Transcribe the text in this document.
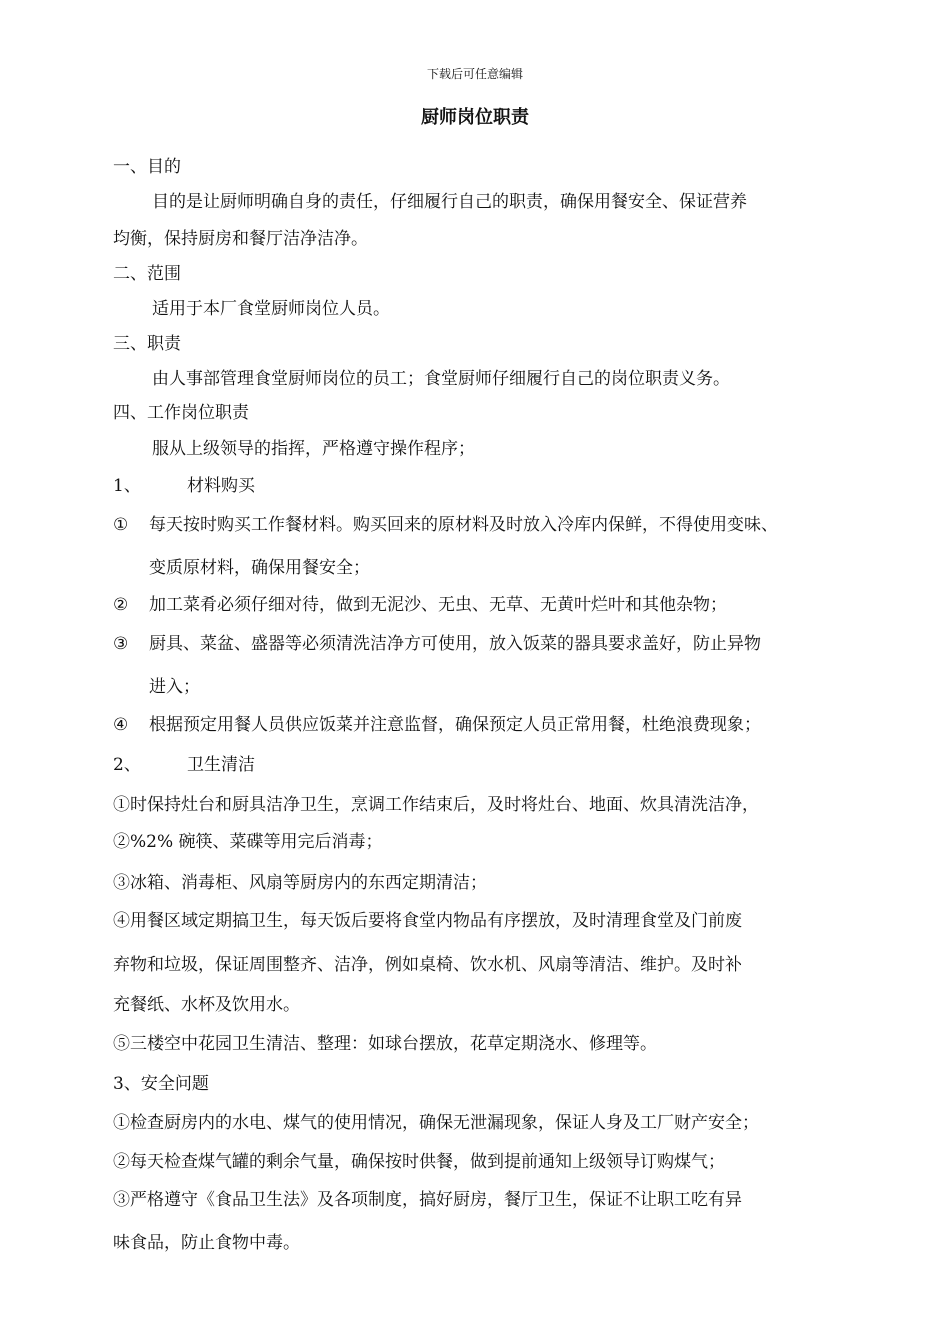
下载后可任意编辑
厨师岗位职责
一、目的
目的是让厨师明确自身的责任，仔细履行自己的职责，确保用餐安全、保证营养
均衡，保持厨房和餐厅洁净洁净。
二、范围
适用于本厂食堂厨师岗位人员。
三、职责
由人事部管理食堂厨师岗位的员工；食堂厨师仔细履行自己的岗位职责义务。
四、工作岗位职责
服从上级领导的指挥，严格遵守操作程序；
1、	材料购买
① 每天按时购买工作餐材料。购买回来的原材料及时放入冷库内保鲜，不得使用变味、
变质原材料，确保用餐安全；
② 加工菜肴必须仔细对待，做到无泥沙、无虫、无草、无黄叶烂叶和其他杂物；
③ 厨具、菜盆、盛器等必须清洗洁净方可使用，放入饭菜的器具要求盖好，防止异物
进入；
④ 根据预定用餐人员供应饭菜并注意监督，确保预定人员正常用餐，杜绝浪费现象；
2、	卫生清洁
①时保持灶台和厨具洁净卫生，烹调工作结束后，及时将灶台、地面、炊具清洗洁净，
②%2% 碗筷、菜碟等用完后消毒；
③冰箱、消毒柜、风扇等厨房内的东西定期清洁；
④用餐区域定期搞卫生，每天饭后要将食堂内物品有序摆放，及时清理食堂及门前废
弃物和垃圾，保证周围整齐、洁净，例如桌椅、饮水机、风扇等清洁、维护。及时补
充餐纸、水杯及饮用水。
⑤三楼空中花园卫生清洁、整理：如球台摆放，花草定期浇水、修理等。
3、安全问题
①检查厨房内的水电、煤气的使用情况，确保无泄漏现象，保证人身及工厂财产安全；
②每天检查煤气罐的剩余气量，确保按时供餐，做到提前通知上级领导订购煤气；
③严格遵守《食品卫生法》及各项制度，搞好厨房，餐厅卫生，保证不让职工吃有异
味食品，防止食物中毒。
